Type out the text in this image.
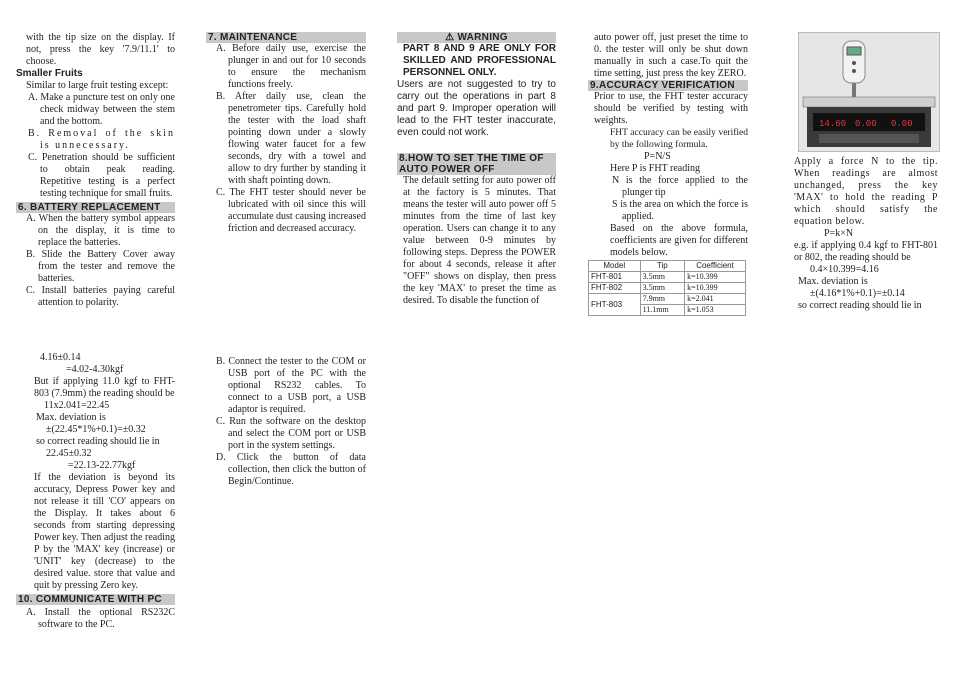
with the tip size on the display. If not, press the key '7.9/11.1' to choose.

Smaller Fruits

Similar to large fruit testing except:

A. Make a puncture test on only one check midway between the stem and the bottom.

B. Removal of the skin is unnecessary.

C. Penetration should be sufficient to obtain peak reading. Repetitive testing is a perfect testing technique for small fruits.

6. BATTERY REPLACEMENT

A. When the battery symbol appears on the display, it is time to replace the batteries.

B. Slide the Battery Cover away from the tester and remove the batteries.

C. Install batteries paying careful attention to polarity.

7. MAINTENANCE

A. Before daily use, exercise the plunger in and out for 10 seconds to ensure the mechanism functions freely.

B. After daily use, clean the penetrometer tips. Carefully hold the tester with the load shaft pointing down under a slowly flowing water faucet for a few seconds, dry with a towel and allow to dry further by standing it with shaft pointing down.

C. The FHT tester should never be lubricated with oil since this will accumulate dust causing increased friction and decreased accuracy.

⚠ WARNING

PART 8 AND 9 ARE ONLY FOR SKILLED AND PROFESSIONAL PERSONNEL ONLY.

Users are not suggested to try to carry out the operations in part 8 and part 9. Improper operation will lead to the FHT tester inaccurate, even could not work.

8.HOW TO SET THE TIME OF AUTO POWER OFF

The default setting for auto power off at the factory is 5 minutes. That means the tester will auto power off 5 minutes from the time of last key operation. Users can change it to any value between 0-9 minutes by following steps. Depress the POWER for about 4 seconds, release it after "OFF" shows on display, then press the key 'MAX' to preset the time as desired. To disable the function of

auto power off, just preset the time to 0. the tester will only be shut down manually in such a case.To quit the time setting, just press the key ZERO.

9.ACCURACY VERIFICATION

Prior to use, the FHT tester accuracy should be verified by testing with weights.

FHT accuracy can be easily verified by the following formula.

P=N/S

Here P is FHT reading

N is the force applied to the plunger tip

S is the area on which the force is applied.

Based on the above formula, coefficients are given for different models below.

Model	Tip	Coefficient
FHT-801	3.5mm	k=10.399
FHT-802	3.5mm	k=10.399
FHT-803	7.9mm	k=2.041
	11.1mm	k=1.053
14.60 0.00 0.00

Apply a force N to the tip. When readings are almost unchanged, press the key 'MAX' to hold the reading P which should satisfy the equation below.

P=k×N

e.g. if applying 0.4 kgf to FHT-801 or 802, the reading should be

0.4×10.399=4.16

Max. deviation is

±(4.16*1%+0.1)=±0.14

so correct reading should lie in

4.16±0.14

=4.02-4.30kgf

But if applying 11.0 kgf to FHT-803 (7.9mm) the reading should be

11x2.041=22.45

Max. deviation is

±(22.45*1%+0.1)=±0.32

so correct reading should lie in

22.45±0.32

=22.13-22.77kgf

If the deviation is beyond its accuracy, Depress Power key and not release it till 'CO' appears on the Display. It takes about 6 seconds from starting depressing Power key. Then adjust the reading P by the 'MAX' key (increase) or 'UNIT' key (decrease) to the desired value. store that value and quit by pressing Zero key.

10. COMMUNICATE WITH PC

A. Install the optional RS232C software to the PC.

B. Connect the tester to the COM or USB port of the PC with the optional RS232 cables. To connect to a USB port, a USB adaptor is required.

C. Run the software on the desktop and select the COM port or USB port in the system settings.

D. Click the button of data collection, then click the button of Begin/Continue.
